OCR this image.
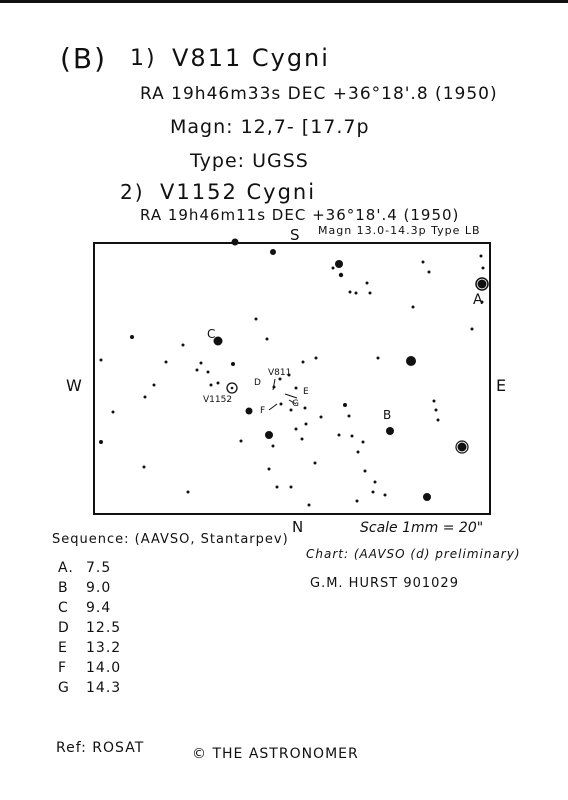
(B) 1) V811 Cygni
RA 19h46m33s DEC +36°18'.8 (1950)
Magn: 12,7- [17.7p
Type: UGSS
2) V1152 Cygni
RA 19h46m11s DEC +36°18'.4 (1950)
Magn 13.0-14.3p Type LB
S
W	E
N	Scale 1mm = 20"
A
C
B
V811
V1152
D
E
G
F
Sequence: (AAVSO, Stantarpev)
A. 7.5
B 9.0
C 9.4
D 12.5
E 13.2
F 14.0
G 14.3
Chart: (AAVSO (d) preliminary)
G.M. HURST 901029
Ref: ROSAT	© THE ASTRONOMER
